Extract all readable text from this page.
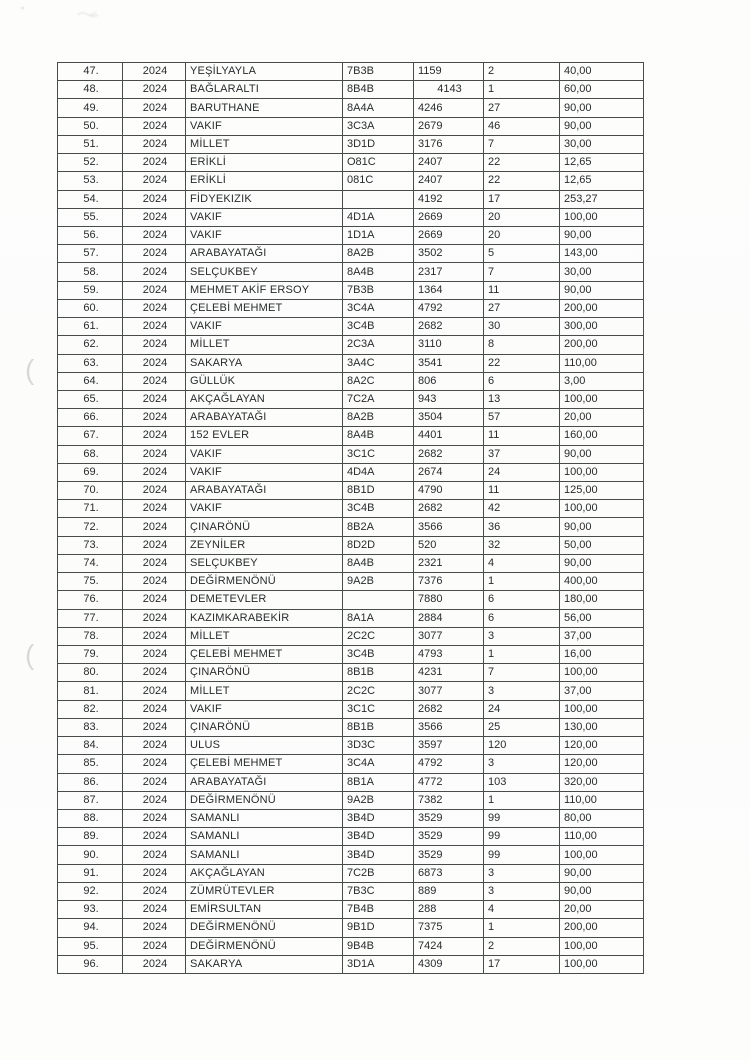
(
(
47.	2024	YEŞİLYAYLA	7B3B	1159	2	40,00
48.	2024	BAĞLARALTI	8B4B	4143	1	60,00
49.	2024	BARUTHANE	8A4A	4246	27	90,00
50.	2024	VAKIF	3C3A	2679	46	90,00
51.	2024	MİLLET	3D1D	3176	7	30,00
52.	2024	ERİKLİ	O81C	2407	22	12,65
53.	2024	ERİKLİ	081C	2407	22	12,65
54.	2024	FİDYEKIZIK		4192	17	253,27
55.	2024	VAKIF	4D1A	2669	20	100,00
56.	2024	VAKIF	1D1A	2669	20	90,00
57.	2024	ARABAYATAĞI	8A2B	3502	5	143,00
58.	2024	SELÇUKBEY	8A4B	2317	7	30,00
59.	2024	MEHMET AKİF ERSOY	7B3B	1364	11	90,00
60.	2024	ÇELEBİ MEHMET	3C4A	4792	27	200,00
61.	2024	VAKIF	3C4B	2682	30	300,00
62.	2024	MİLLET	2C3A	3110	8	200,00
63.	2024	SAKARYA	3A4C	3541	22	110,00
64.	2024	GÜLLÜK	8A2C	806	6	3,00
65.	2024	AKÇAĞLAYAN	7C2A	943	13	100,00
66.	2024	ARABAYATAĞI	8A2B	3504	57	20,00
67.	2024	152 EVLER	8A4B	4401	11	160,00
68.	2024	VAKIF	3C1C	2682	37	90,00
69.	2024	VAKIF	4D4A	2674	24	100,00
70.	2024	ARABAYATAĞI	8B1D	4790	11	125,00
71.	2024	VAKIF	3C4B	2682	42	100,00
72.	2024	ÇINARÖNÜ	8B2A	3566	36	90,00
73.	2024	ZEYNİLER	8D2D	520	32	50,00
74.	2024	SELÇUKBEY	8A4B	2321	4	90,00
75.	2024	DEĞİRMENÖNÜ	9A2B	7376	1	400,00
76.	2024	DEMETEVLER		7880	6	180,00
77.	2024	KAZIMKARABEKİR	8A1A	2884	6	56,00
78.	2024	MİLLET	2C2C	3077	3	37,00
79.	2024	ÇELEBİ MEHMET	3C4B	4793	1	16,00
80.	2024	ÇINARÖNÜ	8B1B	4231	7	100,00
81.	2024	MİLLET	2C2C	3077	3	37,00
82.	2024	VAKIF	3C1C	2682	24	100,00
83.	2024	ÇINARÖNÜ	8B1B	3566	25	130,00
84.	2024	ULUS	3D3C	3597	120	120,00
85.	2024	ÇELEBİ MEHMET	3C4A	4792	3	120,00
86.	2024	ARABAYATAĞI	8B1A	4772	103	320,00
87.	2024	DEĞİRMENÖNÜ	9A2B	7382	1	110,00
88.	2024	SAMANLI	3B4D	3529	99	80,00
89.	2024	SAMANLI	3B4D	3529	99	110,00
90.	2024	SAMANLI	3B4D	3529	99	100,00
91.	2024	AKÇAĞLAYAN	7C2B	6873	3	90,00
92.	2024	ZÜMRÜTEVLER	7B3C	889	3	90,00
93.	2024	EMİRSULTAN	7B4B	288	4	20,00
94.	2024	DEĞİRMENÖNÜ	9B1D	7375	1	200,00
95.	2024	DEĞİRMENÖNÜ	9B4B	7424	2	100,00
96.	2024	SAKARYA	3D1A	4309	17	100,00
